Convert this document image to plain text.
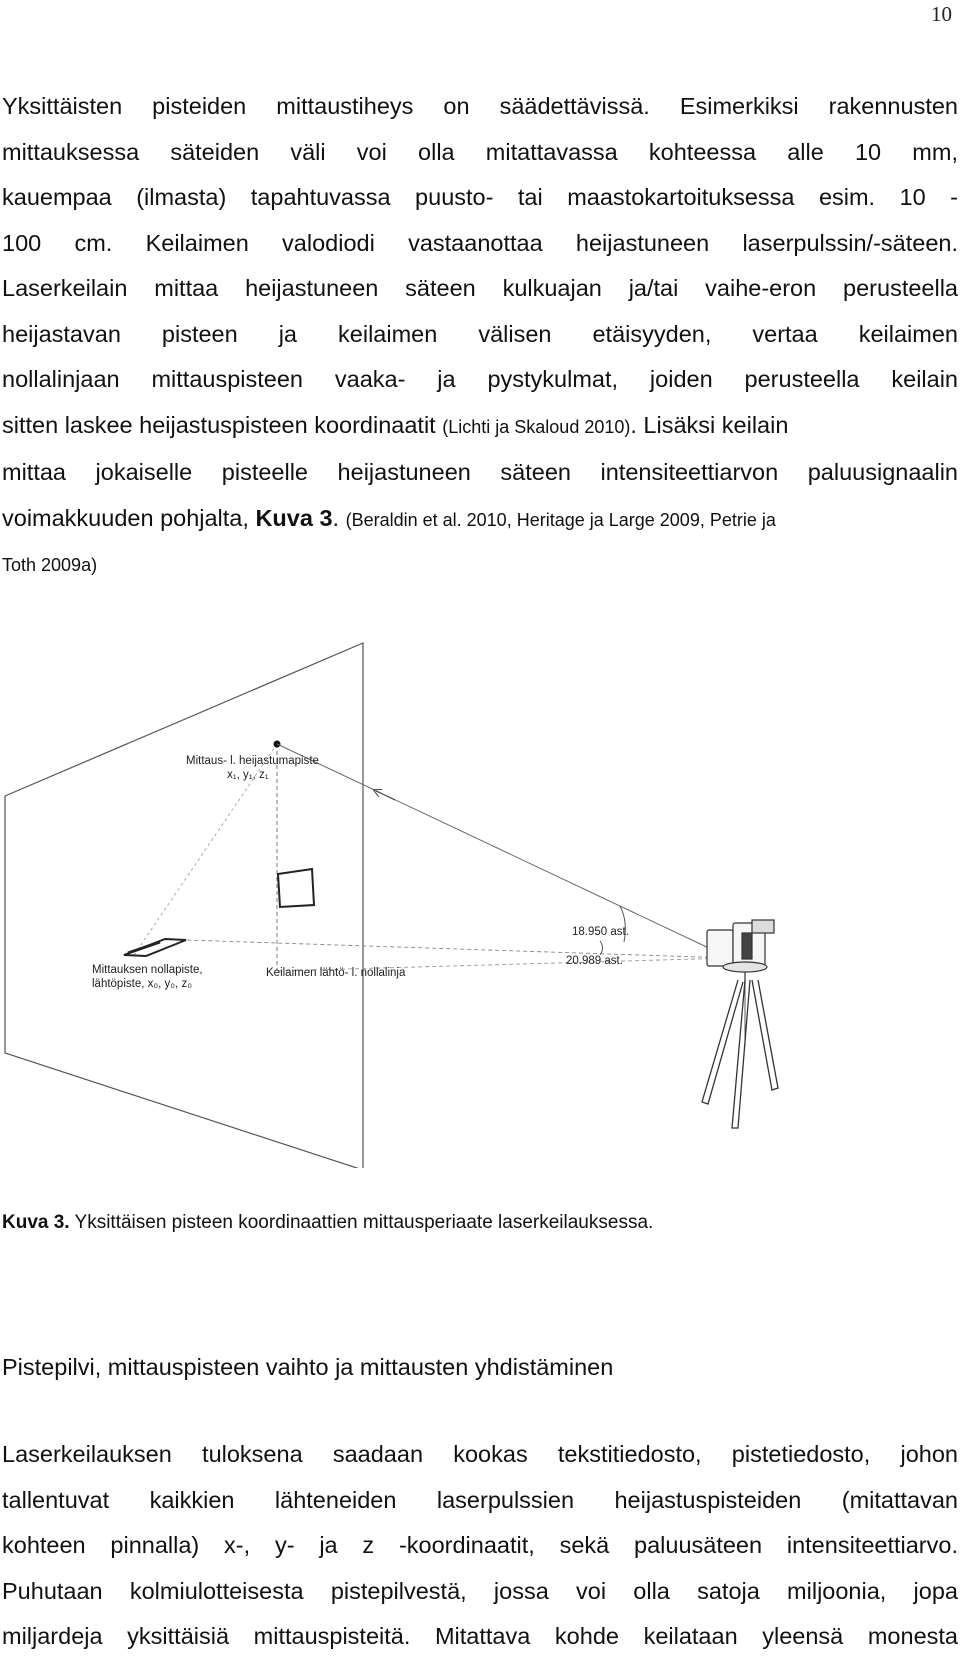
10
Yksittäisten pisteiden mittaustiheys on säädettävissä. Esimerkiksi rakennusten
mittauksessa säteiden väli voi olla mitattavassa kohteessa alle 10 mm,
kauempaa (ilmasta) tapahtuvassa puusto- tai maastokartoituksessa esim. 10 -
100 cm. Keilaimen valodiodi vastaanottaa heijastuneen laserpulssin/-säteen.
Laserkeilain mittaa heijastuneen säteen kulkuajan ja/tai vaihe-eron perusteella
heijastavan pisteen ja keilaimen välisen etäisyyden, vertaa keilaimen
nollalinjaan mittauspisteen vaaka- ja pystykulmat, joiden perusteella keilain
sitten laskee heijastuspisteen koordinaatit (Lichti ja Skaloud 2010). Lisäksi keilain
mittaa jokaiselle pisteelle heijastuneen säteen intensiteettiarvon paluusignaalin
voimakkuuden pohjalta, Kuva 3. (Beraldin et al. 2010, Heritage ja Large 2009, Petrie ja
Toth 2009a)
Mittaus- l. heijastumapiste
x₁, y₁, z₁
18.950 ast.
20.989 ast.
Keilaimen lähtö- l. nollalinja
Mittauksen nollapiste,
lähtöpiste, x₀, y₀, z₀
Kuva 3. Yksittäisen pisteen koordinaattien mittausperiaate laserkeilauksessa.
Pistepilvi, mittauspisteen vaihto ja mittausten yhdistäminen
Laserkeilauksen tuloksena saadaan kookas tekstitiedosto, pistetiedosto, johon
tallentuvat kaikkien lähteneiden laserpulssien heijastuspisteiden (mitattavan
kohteen pinnalla) x-, y- ja z -koordinaatit, sekä paluusäteen intensiteettiarvo.
Puhutaan kolmiulotteisesta pistepilvestä, jossa voi olla satoja miljoonia, jopa
miljardeja yksittäisiä mittauspisteitä. Mitattava kohde keilataan yleensä monesta
